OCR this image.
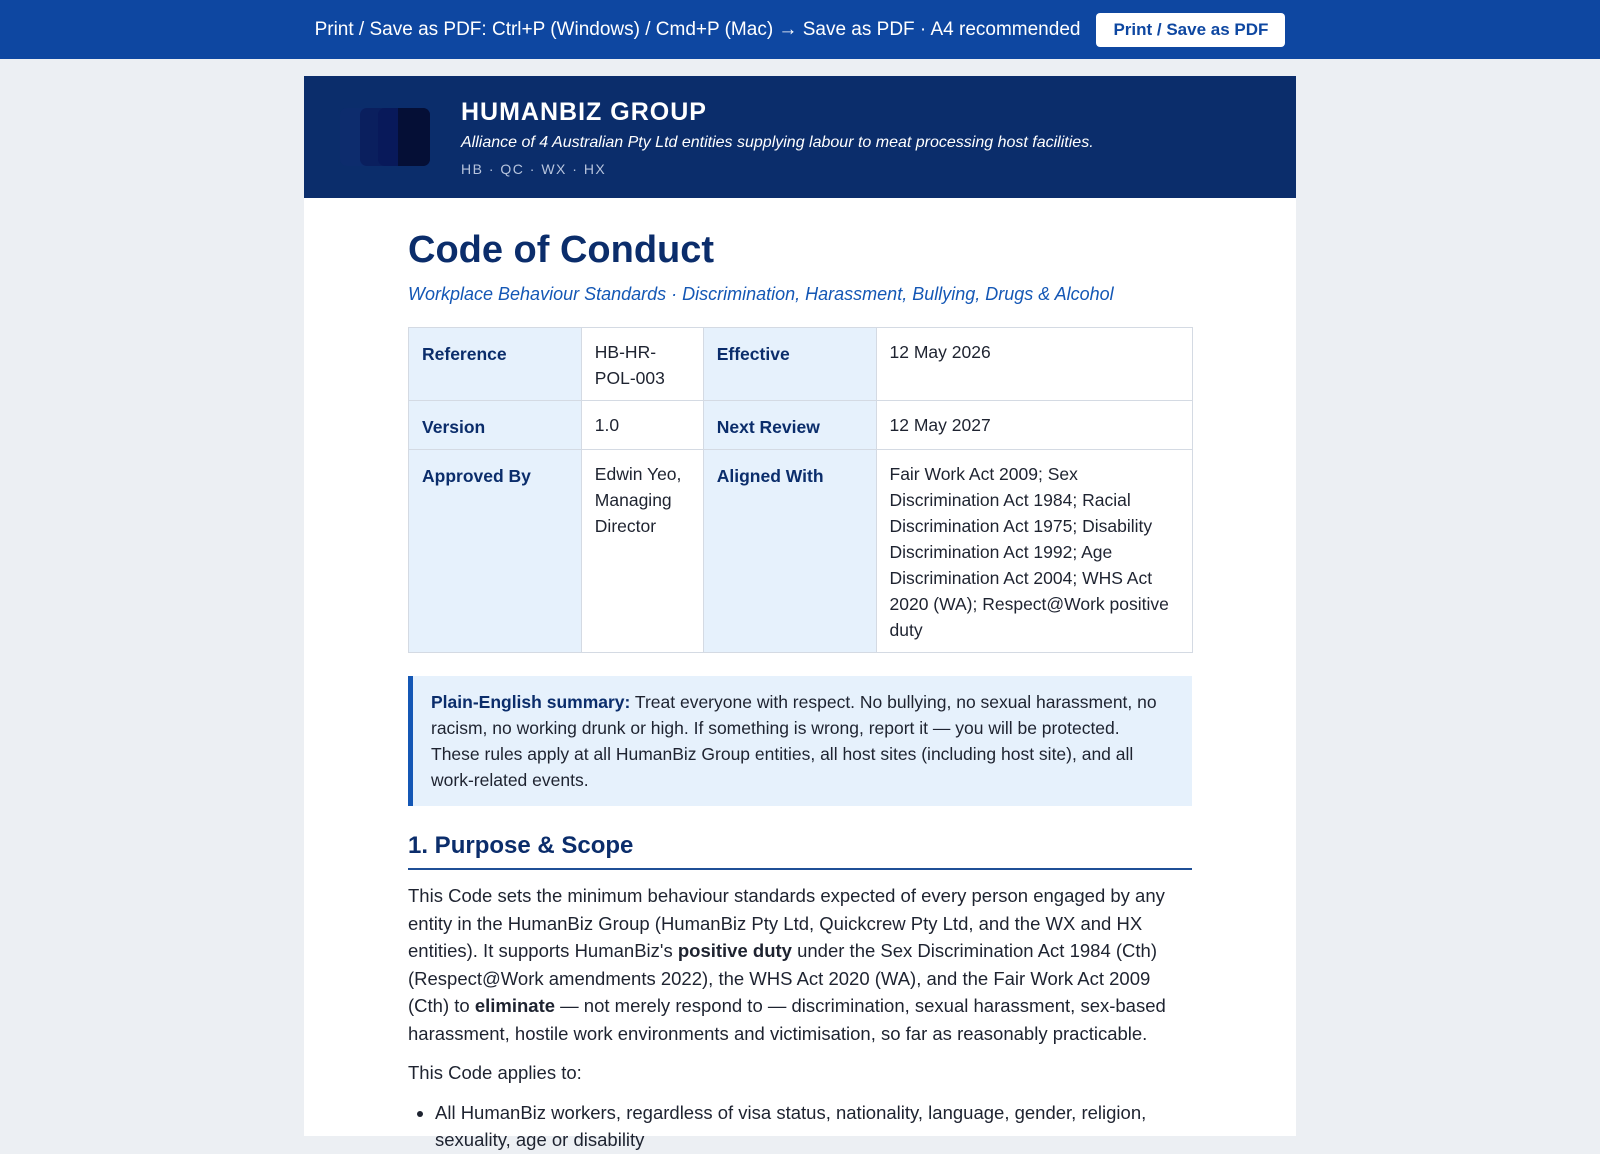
Print / Save as PDF: Ctrl+P (Windows) / Cmd+P (Mac) → Save as PDF · A4 recommended	Print / Save as PDF
HUMANBIZ GROUP
Alliance of 4 Australian Pty Ltd entities supplying labour to meat processing host facilities.
HB · QC · WX · HX
Code of Conduct
Workplace Behaviour Standards · Discrimination, Harassment, Bullying, Drugs & Alcohol
Reference	HB-HR-POL-003	Effective	12 May 2026
Version	1.0	Next Review	12 May 2027
Approved By	Edwin Yeo, Managing Director	Aligned With	Fair Work Act 2009; Sex Discrimination Act 1984; Racial Discrimination Act 1975; Disability Discrimination Act 1992; Age Discrimination Act 2004; WHS Act 2020 (WA); Respect@Work positive duty
Plain-English summary: Treat everyone with respect. No bullying, no sexual harassment, no racism, no working drunk or high. If something is wrong, report it — you will be protected. These rules apply at all HumanBiz Group entities, all host sites (including host site), and all work-related events.
1. Purpose & Scope

This Code sets the minimum behaviour standards expected of every person engaged by any entity in the HumanBiz Group (HumanBiz Pty Ltd, Quickcrew Pty Ltd, and the WX and HX entities). It supports HumanBiz's positive duty under the Sex Discrimination Act 1984 (Cth) (Respect@Work amendments 2022), the WHS Act 2020 (WA), and the Fair Work Act 2009 (Cth) to eliminate — not merely respond to — discrimination, sexual harassment, sex-based harassment, hostile work environments and victimisation, so far as reasonably practicable.

This Code applies to:

• All HumanBiz workers, regardless of visa status, nationality, language, gender, religion, sexuality, age or disability
